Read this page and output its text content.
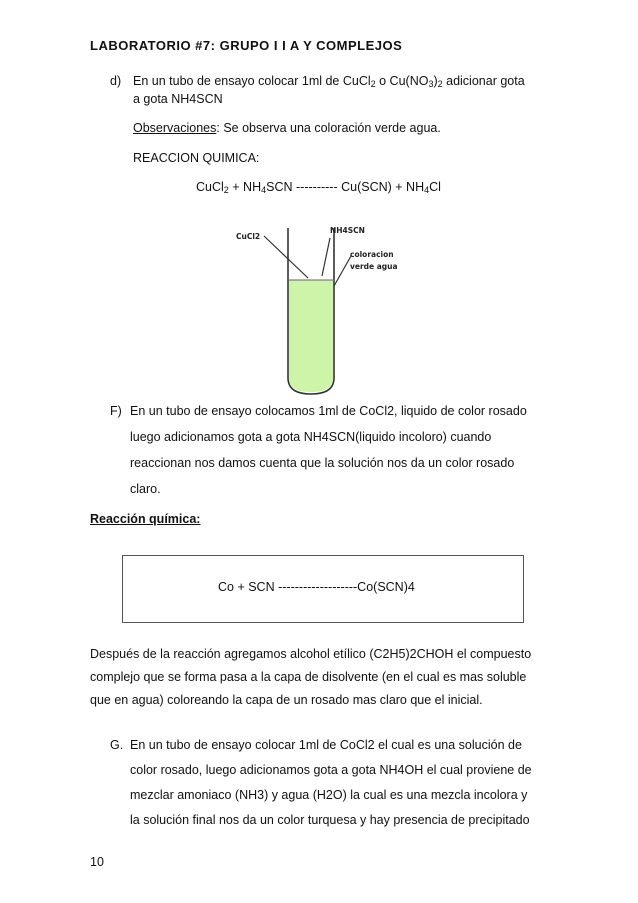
LABORATORIO #7: GRUPO I I A Y COMPLEJOS
d) En un tubo de ensayo colocar 1ml de CuCl$_2$ o $Cu(NO_3)_2$ adicionar gota
a gota NH4SCN
Observaciones: Se observa una coloración verde agua.
REACCION QUIMICA:
CuCl$_2$ + $NH_4SCN$ ---------- $Cu(SCN) + NH_4Cl$
CuCl2
NH4SCN
coloracion
verde agua
F) En un tubo de ensayo colocamos 1ml de CoCl2, liquido de color rosado
luego adicionamos gota a gota NH4SCN(liquido incoloro) cuando
reaccionan nos damos cuenta que la solución nos da un color rosado
claro.
Reacción química:
Co + SCN -------------------Co(SCN)4
Después de la reacción agregamos alcohol etílico (C2H5)2CHOH el compuesto
complejo que se forma pasa a la capa de disolvente (en el cual es mas soluble
que en agua) coloreando la capa de un rosado mas claro que el inicial.
G. En un tubo de ensayo colocar 1ml de CoCl2 el cual es una solución de
color rosado, luego adicionamos gota a gota NH4OH el cual proviene de
mezclar amoniaco (NH3) y agua (H2O) la cual es una mezcla incolora y
la solución final nos da un color turquesa y hay presencia de precipitado
10
